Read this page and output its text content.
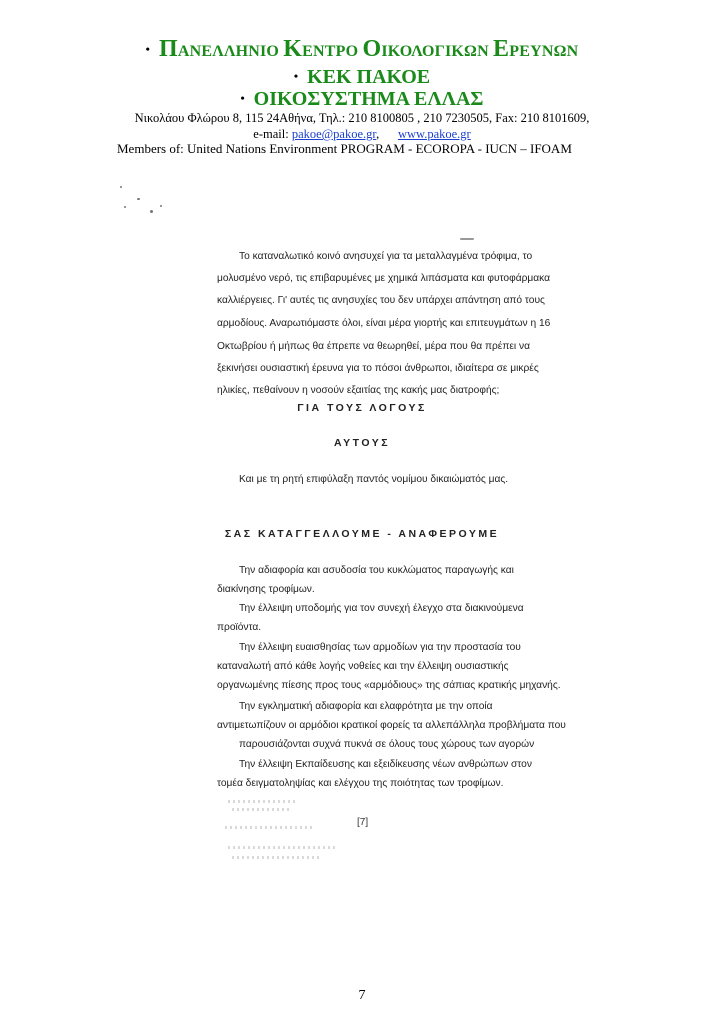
• ΠΑΝΕΛΛΗΝΙΟ ΚΕΝΤΡΟ ΟΙΚΟΛΟΓΙΚΩΝ ΕΡΕΥΝΩΝ
• ΚΕΚ ΠΑΚΟΕ
• ΟΙΚΟΣΥΣΤΗΜΑ ΕΛΛΑΣ
Νικολάου Φλώρου 8, 115 24Αθήνα, Τηλ.: 210 8100805 , 210 7230505, Fax: 210 8101609,
e-mail: pakoe@pakoe.gr, www.pakoe.gr
Members of: United Nations Environment PROGRAM - ECOROPA - IUCN – IFOAM
Το καταναλωτικό κοινό ανησυχεί για τα μεταλλαγμένα τρόφιμα, το
μολυσμένο νερό, τις επιβαρυμένες με χημικά λιπάσματα και φυτοφάρμακα
καλλιέργειες. Γι' αυτές τις ανησυχίες του δεν υπάρχει απάντηση από τους
αρμοδίους. Αναρωτιόμαστε όλοι, είναι μέρα γιορτής και επιτευγμάτων η 16
Οκτωβρίου ή μήπως θα έπρεπε να θεωρηθεί, μέρα που θα πρέπει να
ξεκινήσει ουσιαστική έρευνα για το πόσοι άνθρωποι, ιδιαίτερα σε μικρές
ηλικίες, πεθαίνουν η νοσούν εξαιτίας της κακής μας διατροφής;
ΓΙΑ ΤΟΥΣ ΛΟΓΟΥΣ
ΑΥΤΟΥΣ
Και με τη ρητή επιφύλαξη παντός νομίμου δικαιώματός μας.
ΣΑΣ ΚΑΤΑΓΓΕΛΛΟΥΜΕ - ΑΝΑΦΕΡΟΥΜΕ
Την αδιαφορία και ασυδοσία του κυκλώματος παραγωγής και
διακίνησης τροφίμων.
Την έλλειψη υποδομής για τον συνεχή έλεγχο στα διακινούμενα
προϊόντα.
Την έλλειψη ευαισθησίας των αρμοδίων για την προστασία του
καταναλωτή από κάθε λογής νοθείες και την έλλειψη ουσιαστικής
οργανωμένης πίεσης προς τους «αρμόδιους» της σάπιας κρατικής μηχανής.
Την εγκληματική αδιαφορία και ελαφρότητα με την οποία
αντιμετωπίζουν οι αρμόδιοι κρατικοί φορείς τα αλλεπάλληλα προβλήματα που
παρουσιάζονται συχνά πυκνά σε όλους τους χώρους των αγορών
Την έλλειψη Εκπαίδευσης και εξειδίκευσης νέων ανθρώπων στον
τομέα δειγματοληψίας και ελέγχου της ποιότητας των τροφίμων.
[7]
7
